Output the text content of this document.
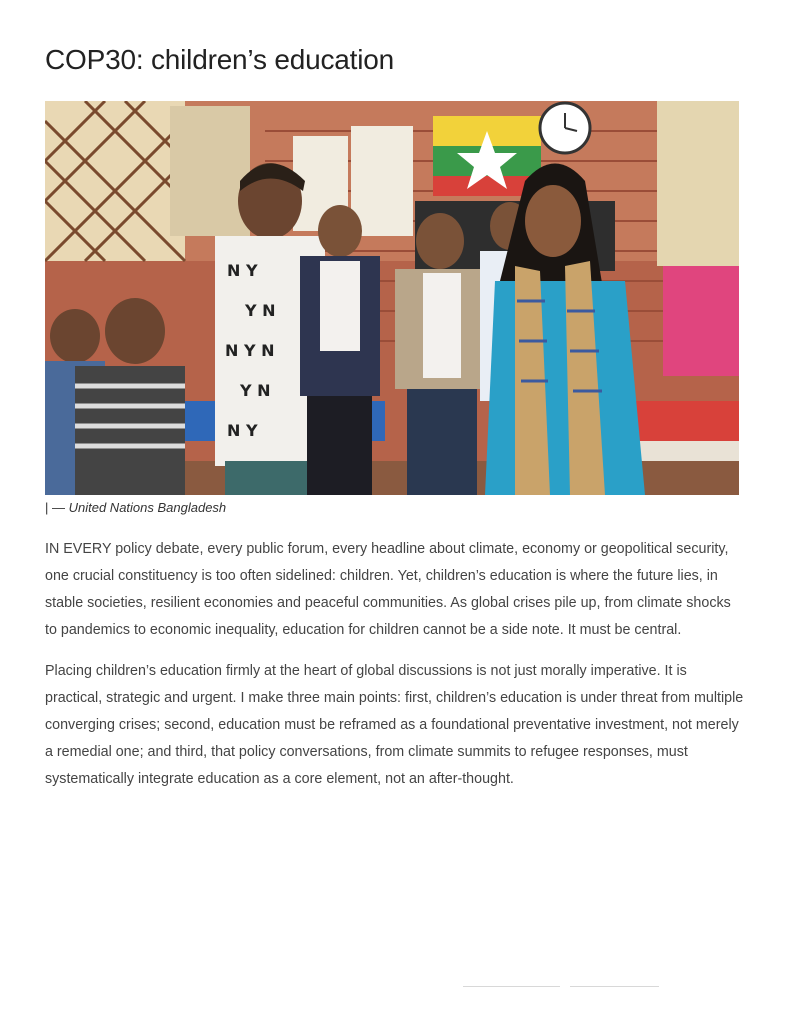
COP30: children’s education
N Y
Y N
N Y N
Y N
N Y
| — United Nations Bangladesh

IN EVERY policy debate, every public forum, every headline about climate, economy or geopolitical security, one crucial constituency is too often sidelined: children. Yet, children’s education is where the future lies, in stable societies, resilient economies and peaceful communities. As global crises pile up, from climate shocks to pandemics to economic inequality, education for children cannot be a side note. It must be central.

Placing children’s education firmly at the heart of global discussions is not just morally imperative. It is practical, strategic and urgent. I make three main points: first, children’s education is under threat from multiple converging crises; second, education must be reframed as a foundational preventative investment, not merely a remedial one; and third, that policy conversations, from climate summits to refugee responses, must systematically integrate education as a core element, not an after-thought.
